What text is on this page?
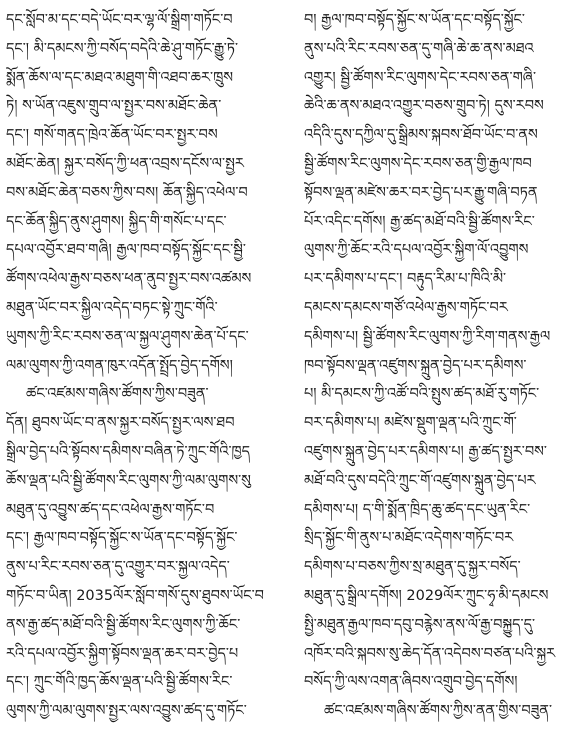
དང་སློབ་མ་དང་བདེ་ཡོང་བར་ལྷ་ལོ་སྒྲིག་གཏོང་བ
དང་། མི་དམངས་ཀྱི་བསོད་བདེའི་ཆེ་ཤུ་གཏོང་རྒྱུ་ཏེ་
སྨོན་ཆོས་ལ་དང་མཐའ་མཐུག་གི་འཐབ་ཆར་ཁྲུས
ཏེ། ས་ཡོན་འཇུས་གྲུབ་ལ་སྤྱར་བས་མཐོང་ཆེན་
དང་། གསོ་གནད་ཁྲེའ་ཆོན་ཡོང་བར་སྤྱར་བས
མཐོང་ཆེན། སྐྱར་བསོད་ཀྱི་ཕན་འབྲས་དངོས་ལ་སྤྱར
བས་མཐོང་ཆེན་བཅས་ཀྱིས་བས། ཆོན་སྐྱིད་འཕེལ་བ
དང་ཆོན་སྐྱིད་ནུས་ཤུགས། སྐྱིད་གི་གསོང་པ་དང་
དཔལ་འབྱོར་ཐབ་གཞི། རྒྱལ་ཁབ་བསྟོད་སྐྱོང་དང་སྦྱི་
ཚོགས་འཕེལ་རྒྱས་བཅས་ཕན་ནུབ་སྤྱར་བས་འཚམས
མཐུན་ཡོང་བར་སྐྱིལ་འདེད་བཏང་སྟེ་ཀྲུང་གོའི་
ཡུགས་ཀྱི་རིང་རབས་ཅན་ལ་སྐྱལ་ཤུགས་ཆེན་པོ་དང་
ལམ་ལུགས་ཀྱི་འགན་ཁུར་འདོན་སྤྲོད་བྱེད་དགོས།
ཚང་འཛམས་གཞིས་ཚོགས་ཀྱིས་བཟུན་
དོན། ཐུབས་ཡོང་བ་ནས་སྐྱར་བསོད་སྤྱར་ལས་ཐབ
སྒྲིལ་བྱེད་པའི་སྟོབས་དམིགས་བཞིན་ཏེ་ཀྲུང་གོའི་ཁྱད
ཆོས་ལྡན་པའི་སྦྱི་ཚོགས་རིང་ལུགས་ཀྱི་ལམ་ལུགས་སུ
མཐུན་དུ་འབྱུས་ཚད་དང་འཕེལ་རྒྱས་གཏོང་བ
དང་། རྒྱལ་ཁབ་བསྟོད་སྐྱོང་ས་ཡོན་དང་བསྟོད་སྐྱོང་
ནུས་པ་རིང་རབས་ཅན་དུ་འགྱུར་བར་སྐྱལ་འདེད་
གཏོང་བ་ཡིན། 2035ལོར་སློབ་གསོ་དུས་ཐུབས་ཡོང་བ
ནས་རྒྱ་ཚད་མཐོ་བའི་སྦྱི་ཚོགས་རིང་ལུགས་ཀྱི་ཆོང་
རའི་དཔལ་འབྱོར་སྐྱིག་སྟོབས་ལྡན་ཆར་བར་བྱེད་པ
དང་། ཀྲུང་གོའི་ཁྱད་ཆོས་ལྡན་པའི་སྦྱི་ཚོགས་རིང་
ལུགས་ཀྱི་ལམ་ལུགས་སྤྱར་ལས་འབྱུས་ཚད་དུ་གཏོང་
བ། རྒྱལ་ཁབ་བསྟོད་སྐྱོང་ས་ཡོན་དང་བསྟོད་སྐྱོང་
ནུས་པའི་རིང་རབས་ཅན་དུ་གཞི་ཆེ་ཆ་ནས་མཐའ
འགྱུར། སྦྱི་ཚོགས་རིང་ལུགས་དེང་རབས་ཅན་གཞི་
ཆེའི་ཆ་ནས་མཐའ་འགྱུར་བཅས་གྲུབ་ཏེ། དུས་རབས
འདིའི་དུས་དཀྱིལ་དུ་སྒྲིམས་སྐབས་ཐོབ་ཡོང་བ་ནས
སྦྱི་ཚོགས་རིང་ལུགས་དེང་རབས་ཅན་གྱི་རྒྱལ་ཁབ
སྟོབས་ལྡན་མཛེས་ཆར་བར་བྱེད་པར་རྒྱུ་གཞི་བཏན
པོར་འདིང་དགོས། རྒྱ་ཚད་མཐོ་བའི་སྦྱི་ཚོགས་རིང་
ལུགས་ཀྱི་ཆོང་རའི་དཔལ་འབྱོར་སྐྱིག་ལོ་འབྱུགས
པར་དམིགས་པ་དང་། བརྟུད་རིམ་པ་ཁིའི་མི་
དམངས་དམངས་གཙོ་འཕེལ་རྒྱས་གཏོང་བར
དམིགས་པ། སྦྱི་ཚོགས་རིང་ལུགས་ཀྱི་རིག་གནས་རྒྱལ
ཁབ་སྟོབས་ལྡན་འཛུགས་སྐྲུན་བྱེད་པར་དམིགས་
པ། མི་དམངས་ཀྱི་འཚོ་བའི་སྤུས་ཚད་མཐོ་རུ་གཏོང་
བར་དམིགས་པ། མཛེས་སྡུག་ལྡན་པའི་ཀྲུང་གོ་
འཛུགས་སྐྲུན་བྱེད་པར་དམིགས་པ། རྒྱ་ཚད་སྤྱར་བས་
མཐོ་བའི་དུས་བདེའི་ཀྲུང་གོ་འཛུགས་སྐྲུན་བྱེད་པར
དམིགས་པ། ད་གི་སྨོན་ཁྲིད་ཆུ་ཚད་དང་ཡུན་རིང་
སྲིད་སྐྱོང་གི་ནུས་པ་མཐོང་འདེགས་གཏོང་བར
དམིགས་པ་བཅས་ཀྱིས་སྲ་མཐུན་དུ་སྐྱར་བསོད་
མཐུན་དུ་སྒྲིལ་དགོས། 2029ལོར་ཀྲུང་ཧྭ་མི་དམངས
སྤྱི་མཐུན་རྒྱལ་ཁབ་དབུ་བརྙེས་ནས་ལོ་རྒྱ་བསྐྱུད་དུ་
འཁོར་བའི་སྐབས་སུ་ཆེད་དོན་འདེབས་བཙན་པའི་སྐྱར
བསོད་ཀྱི་ལས་འགན་ཞིབས་འགྲུབ་བྱེད་དགོས།
ཚང་འཛམས་གཞིས་ཚོགས་ཀྱིས་ནན་གྱིས་བཟུན་
